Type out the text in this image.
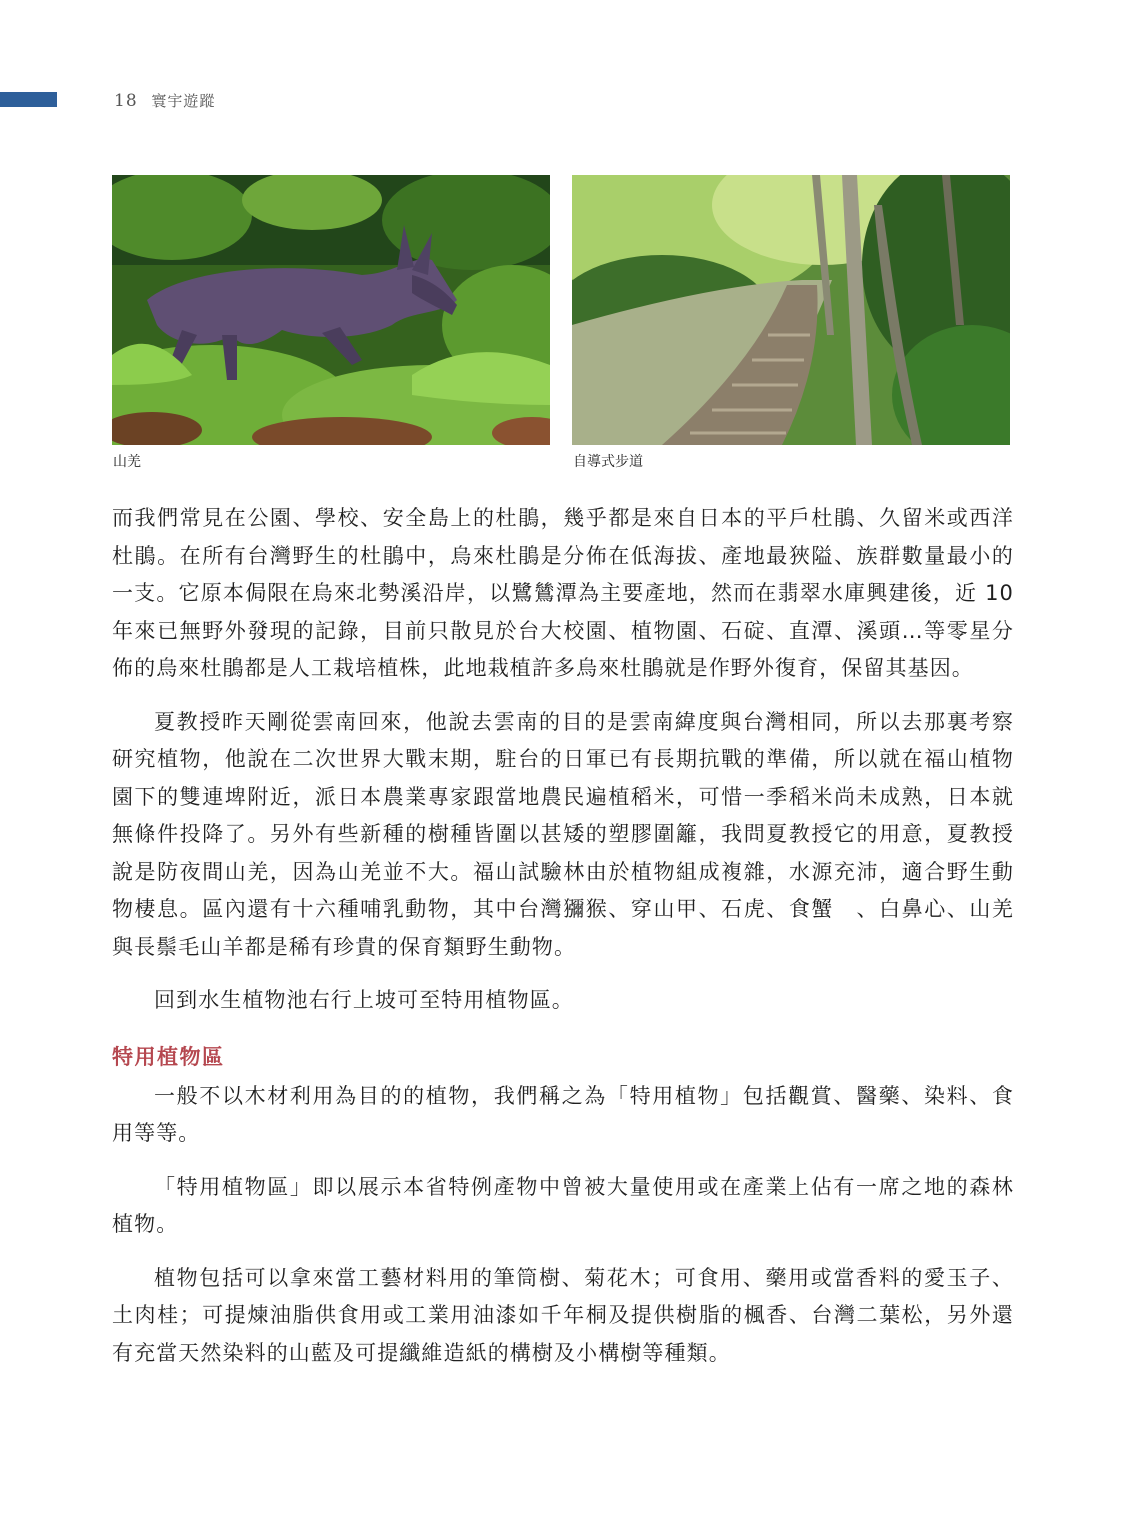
18 寰宇遊蹤
山羌	自導式步道

而我們常見在公園、學校、安全島上的杜鵑，幾乎都是來自日本的平戶杜鵑、久留米或西洋杜鵑。在所有台灣野生的杜鵑中，烏來杜鵑是分佈在低海拔、產地最狹隘、族群數量最小的一支。它原本侷限在烏來北勢溪沿岸，以鷺鷥潭為主要產地，然而在翡翠水庫興建後，近 10 年來已無野外發現的記錄，目前只散見於台大校園、植物園、石碇、直潭、溪頭…等零星分佈的烏來杜鵑都是人工栽培植株，此地栽植許多烏來杜鵑就是作野外復育，保留其基因。

夏教授昨天剛從雲南回來，他說去雲南的目的是雲南緯度與台灣相同，所以去那裏考察研究植物，他說在二次世界大戰末期，駐台的日軍已有長期抗戰的準備，所以就在福山植物園下的雙連埤附近，派日本農業專家跟當地農民遍植稻米，可惜一季稻米尚未成熟，日本就無條件投降了。另外有些新種的樹種皆圍以甚矮的塑膠圍籬，我問夏教授它的用意，夏教授說是防夜間山羌，因為山羌並不大。福山試驗林由於植物組成複雜，水源充沛，適合野生動物棲息。區內還有十六種哺乳動物，其中台灣獼猴、穿山甲、石虎、食蟹　、白鼻心、山羌與長鬃毛山羊都是稀有珍貴的保育類野生動物。

回到水生植物池右行上坡可至特用植物區。

特用植物區

一般不以木材利用為目的的植物，我們稱之為「特用植物」包括觀賞、醫藥、染料、食用等等。

「特用植物區」即以展示本省特例產物中曾被大量使用或在產業上佔有一席之地的森林植物。

植物包括可以拿來當工藝材料用的筆筒樹、菊花木；可食用、藥用或當香料的愛玉子、土肉桂；可提煉油脂供食用或工業用油漆如千年桐及提供樹脂的楓香、台灣二葉松，另外還有充當天然染料的山藍及可提纖維造紙的構樹及小構樹等種類。
